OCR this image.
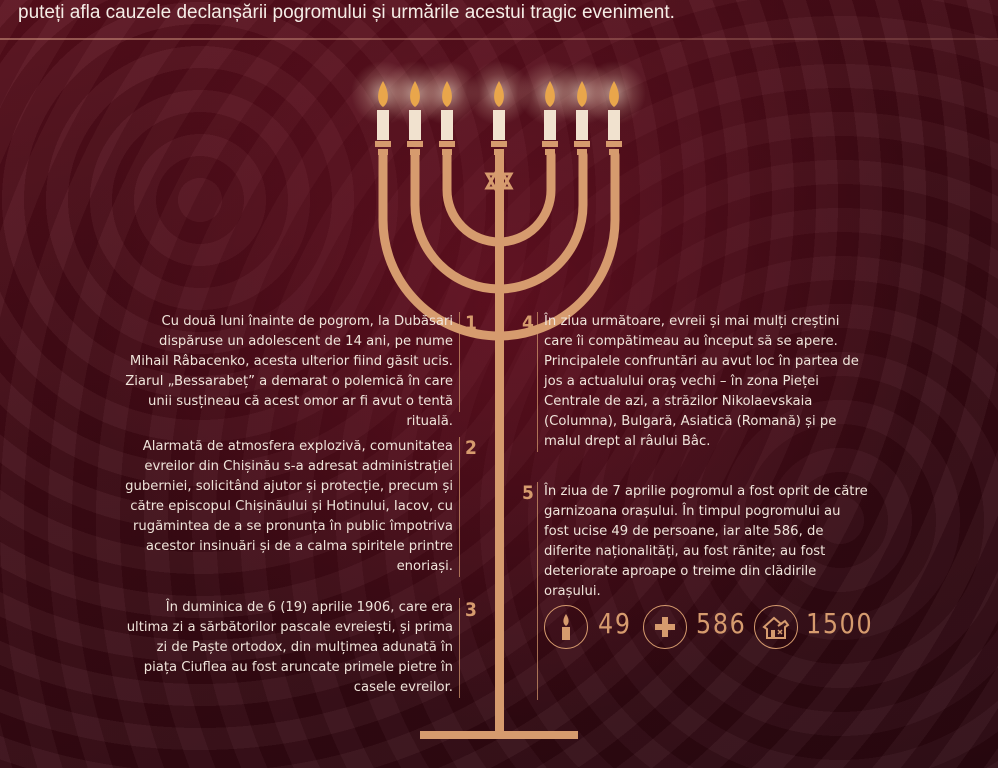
puteți afla cauzele declanșării pogromului și urmările acestui tragic eveniment.

Cu două luni înainte de pogrom, la Dubăsari dispăruse un adolescent de 14 ani, pe nume Mihail Râbacenko, acesta ulterior fiind găsit ucis. Ziarul „Bessarabeț” a demarat o polemică în care unii susțineau că acest omor ar fi avut o tentă rituală.
1
Alarmată de atmosfera explozivă, comunitatea evreilor din Chișinău s-a adresat administrației guberniei, solicitând ajutor și protecție, precum și către episcopul Chișinăului și Hotinului, Iacov, cu rugămintea de a se pronunța în public împotriva acestor insinuări și de a calma spiritele printre enoriași.
2
În duminica de 6 (19) aprilie 1906, care era ultima zi a sărbătorilor pascale evreiești, și prima zi de Paște ortodox, din mulțimea adunată în piața Ciuflea au fost aruncate primele pietre în casele evreilor.
3
4 În ziua următoare, evreii și mai mulți creștini care îi compătimeau au început să se apere. Principalele confruntări au avut loc în partea de jos a actualului oraș vechi – în zona Pieței Centrale de azi, a străzilor Nikolaevskaia (Columna), Bulgară, Asiatică (Romană) și pe malul drept al râului Bâc.
5 În ziua de 7 aprilie pogromul a fost oprit de către garnizoana orașului. În timpul pogromului au fost ucise 49 de persoane, iar alte 586, de diferite naționalități, au fost rănite; au fost deteriorate aproape o treime din clădirile orașului.
49 586 1500
